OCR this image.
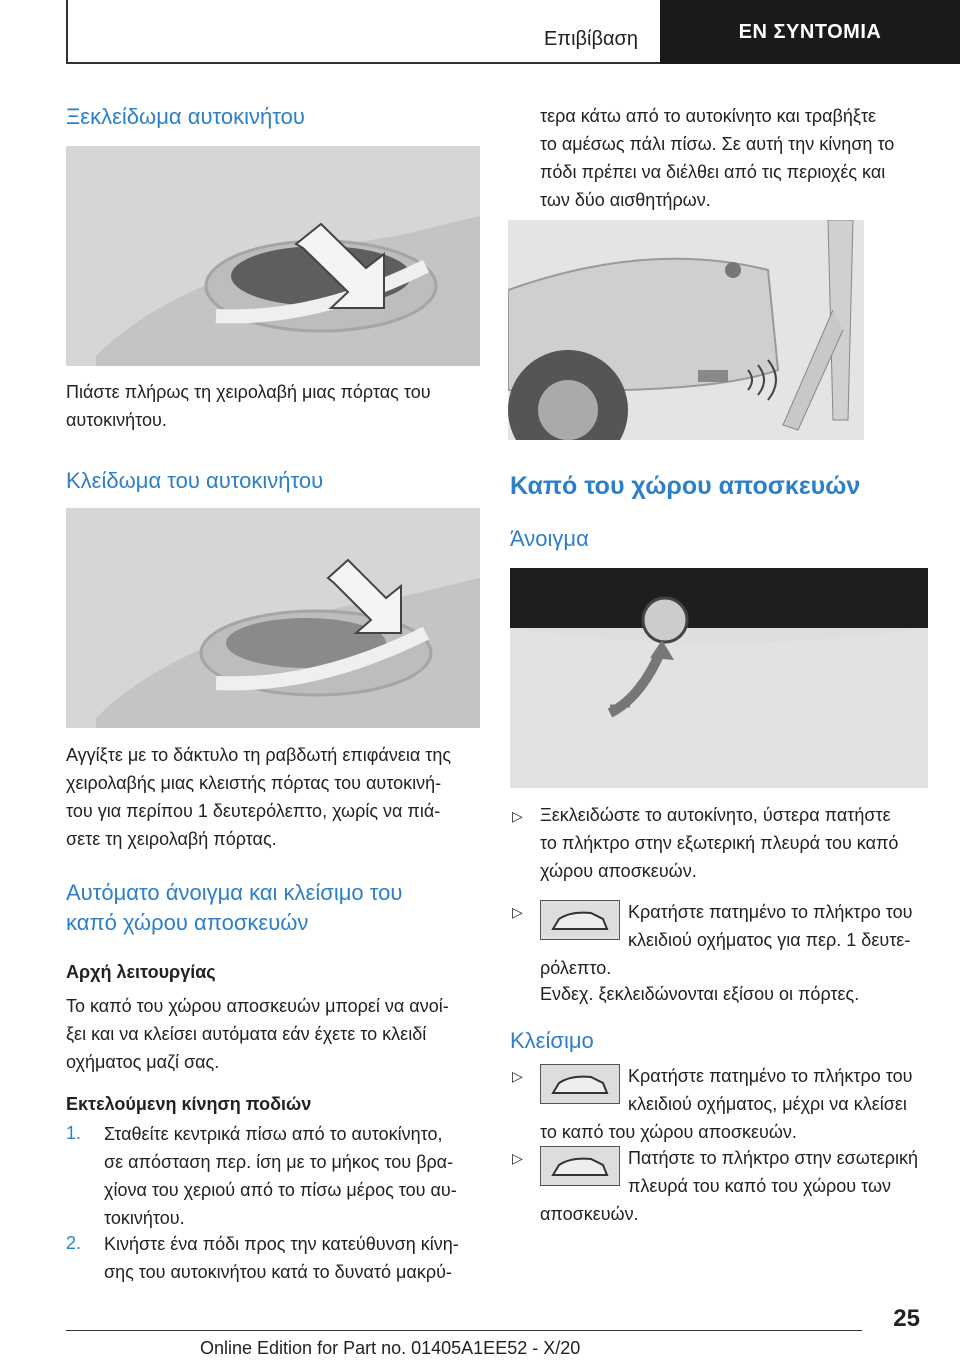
Επιβίβαση	EN ΣΥΝΤΟΜΙΑ
Ξεκλείδωμα αυτοκινήτου

Πιάστε πλήρως τη χειρολαβή μιας πόρτας του

αυτοκινήτου.

Κλείδωμα του αυτοκινήτου

Αγγίξτε με το δάκτυλο τη ραβδωτή επιφάνεια της

χειρολαβής μιας κλειστής πόρτας του αυτοκινή-

του για περίπου 1 δευτερόλεπτο, χωρίς να πιά-

σετε τη χειρολαβή πόρτας.

Αυτόματο άνοιγμα και κλείσιμο του
καπό χώρου αποσκευών
Αρχή λειτουργίας

Το καπό του χώρου αποσκευών μπορεί να ανοί-

ξει και να κλείσει αυτόματα εάν έχετε το κλειδί

οχήματος μαζί σας.

Εκτελούμενη κίνηση ποδιών
1. Σταθείτε κεντρικά πίσω από το αυτοκίνητο,

σε απόσταση περ. ίση με το μήκος του βρα-

χίονα του χεριού από το πίσω μέρος του αυ-

τοκινήτου.

2. Κινήστε ένα πόδι προς την κατεύθυνση κίνη-

σης του αυτοκινήτου κατά το δυνατό μακρύ-

τερα κάτω από το αυτοκίνητο και τραβήξτε

το αμέσως πάλι πίσω. Σε αυτή την κίνηση το

πόδι πρέπει να διέλθει από τις περιοχές και

των δύο αισθητήρων.

Καπό του χώρου αποσκευών
Άνοιγμα
▷ Ξεκλειδώστε το αυτοκίνητο, ύστερα πατήστε

το πλήκτρο στην εξωτερική πλευρά του καπό

χώρου αποσκευών.

▷	Κρατήστε πατημένο το πλήκτρο του

κλειδιού οχήματος για περ. 1 δευτε-

ρόλεπτο.

Ενδεχ. ξεκλειδώνονται εξίσου οι πόρτες.

Κλείσιμο
▷	Κρατήστε πατημένο το πλήκτρο του

κλειδιού οχήματος, μέχρι να κλείσει

το καπό του χώρου αποσκευών.

▷	Πατήστε το πλήκτρο στην εσωτερική

πλευρά του καπό του χώρου των

αποσκευών.

25
Online Edition for Part no. 01405A1EE52 - X/20
